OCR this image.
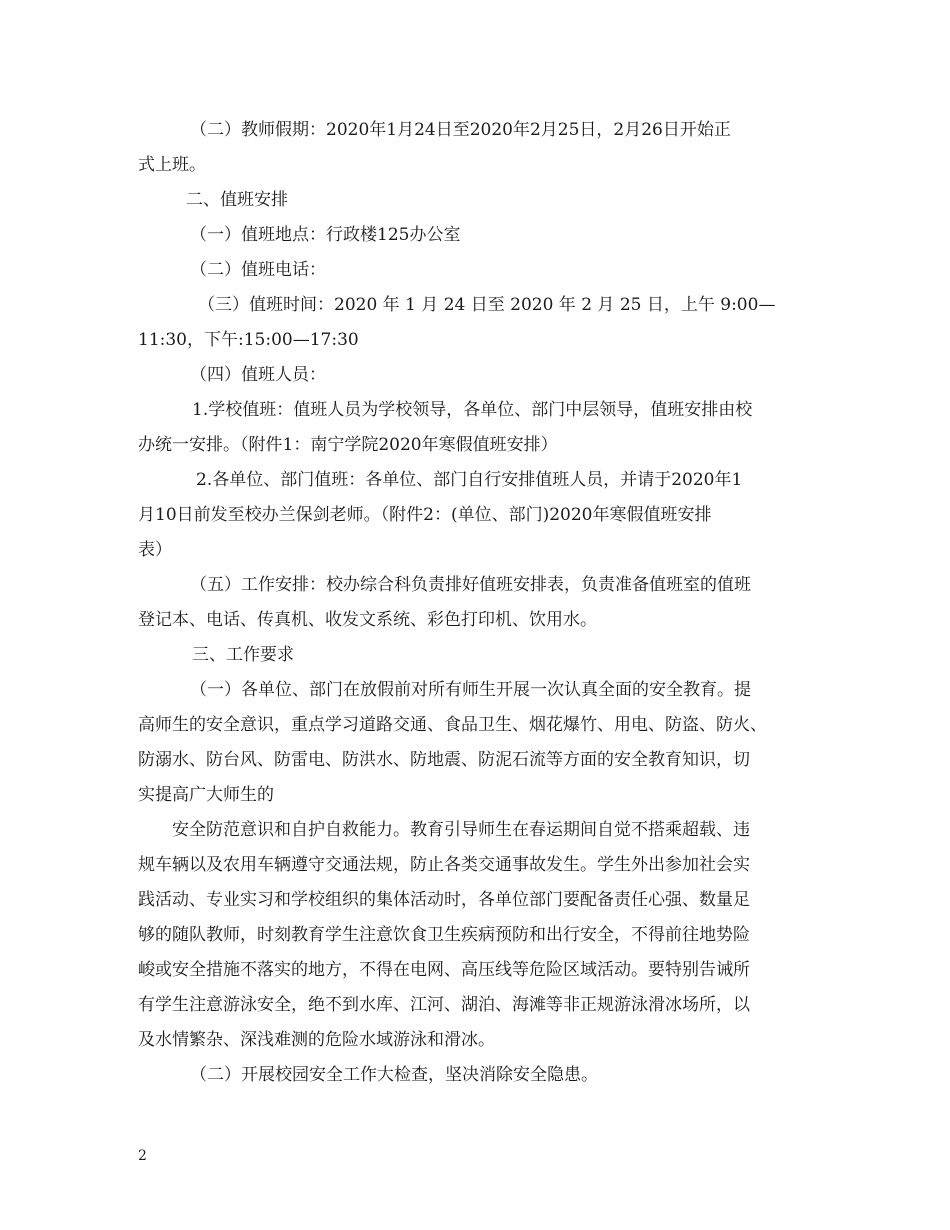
（二）教师假期：2020年1月24日至2020年2月25日，2月26日开始正

式上班。

二、值班安排

（一）值班地点：行政楼125办公室

（二）值班电话：

（三）值班时间：2020 年 1 月 24 日至 2020 年 2 月 25 日，上午 9:00—

11:30，下午:15:00—17:30

（四）值班人员：

1.学校值班：值班人员为学校领导，各单位、部门中层领导，值班安排由校

办统一安排。（附件1：南宁学院2020年寒假值班安排）

2.各单位、部门值班：各单位、部门自行安排值班人员，并请于2020年1

月10日前发至校办兰保剑老师。（附件2：(单位、部门)2020年寒假值班安排

表）

（五）工作安排：校办综合科负责排好值班安排表，负责准备值班室的值班

登记本、电话、传真机、收发文系统、彩色打印机、饮用水。

三、工作要求

（一）各单位、部门在放假前对所有师生开展一次认真全面的安全教育。提

高师生的安全意识，重点学习道路交通、食品卫生、烟花爆竹、用电、防盗、防火、

防溺水、防台风、防雷电、防洪水、防地震、防泥石流等方面的安全教育知识，切

实提高广大师生的

安全防范意识和自护自救能力。教育引导师生在春运期间自觉不搭乘超载、违

规车辆以及农用车辆遵守交通法规，防止各类交通事故发生。学生外出参加社会实

践活动、专业实习和学校组织的集体活动时，各单位部门要配备责任心强、数量足

够的随队教师，时刻教育学生注意饮食卫生疾病预防和出行安全，不得前往地势险

峻或安全措施不落实的地方，不得在电网、高压线等危险区域活动。要特别告诫所

有学生注意游泳安全，绝不到水库、江河、湖泊、海滩等非正规游泳滑冰场所，以

及水情繁杂、深浅难测的危险水域游泳和滑冰。

（二）开展校园安全工作大检查，坚决消除安全隐患。

2
